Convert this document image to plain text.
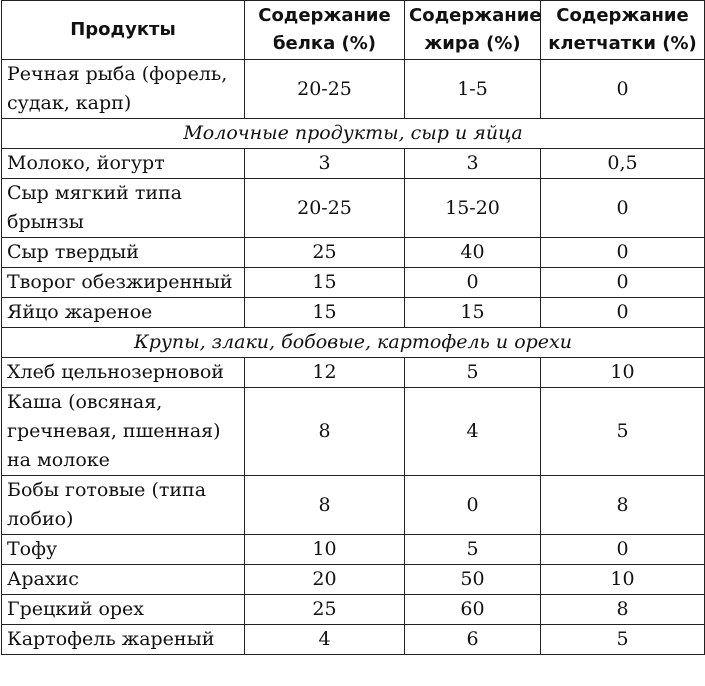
Продукты	Содержание белка (%)	Содержание жира (%)	Содержание клетчатки (%)
Речная рыба (форель, судак, карп)	20-25	1-5	0
Молочные продукты, сыр и яйца			
Молоко, йогурт	3	3	0,5
Сыр мягкий типа брынзы	20-25	15-20	0
Сыр твердый	25	40	0
Творог обезжиренный	15	0	0
Яйцо жареное	15	15	0
Крупы, злаки, бобовые, картофель и орехи			
Хлеб цельнозерновой	12	5	10
Каша (овсяная, гречневая, пшенная) на молоке	8	4	5
Бобы готовые (типа лобио)	8	0	8
Тофу	10	5	0
Арахис	20	50	10
Грецкий орех	25	60	8
Картофель жареный	4	6	5
